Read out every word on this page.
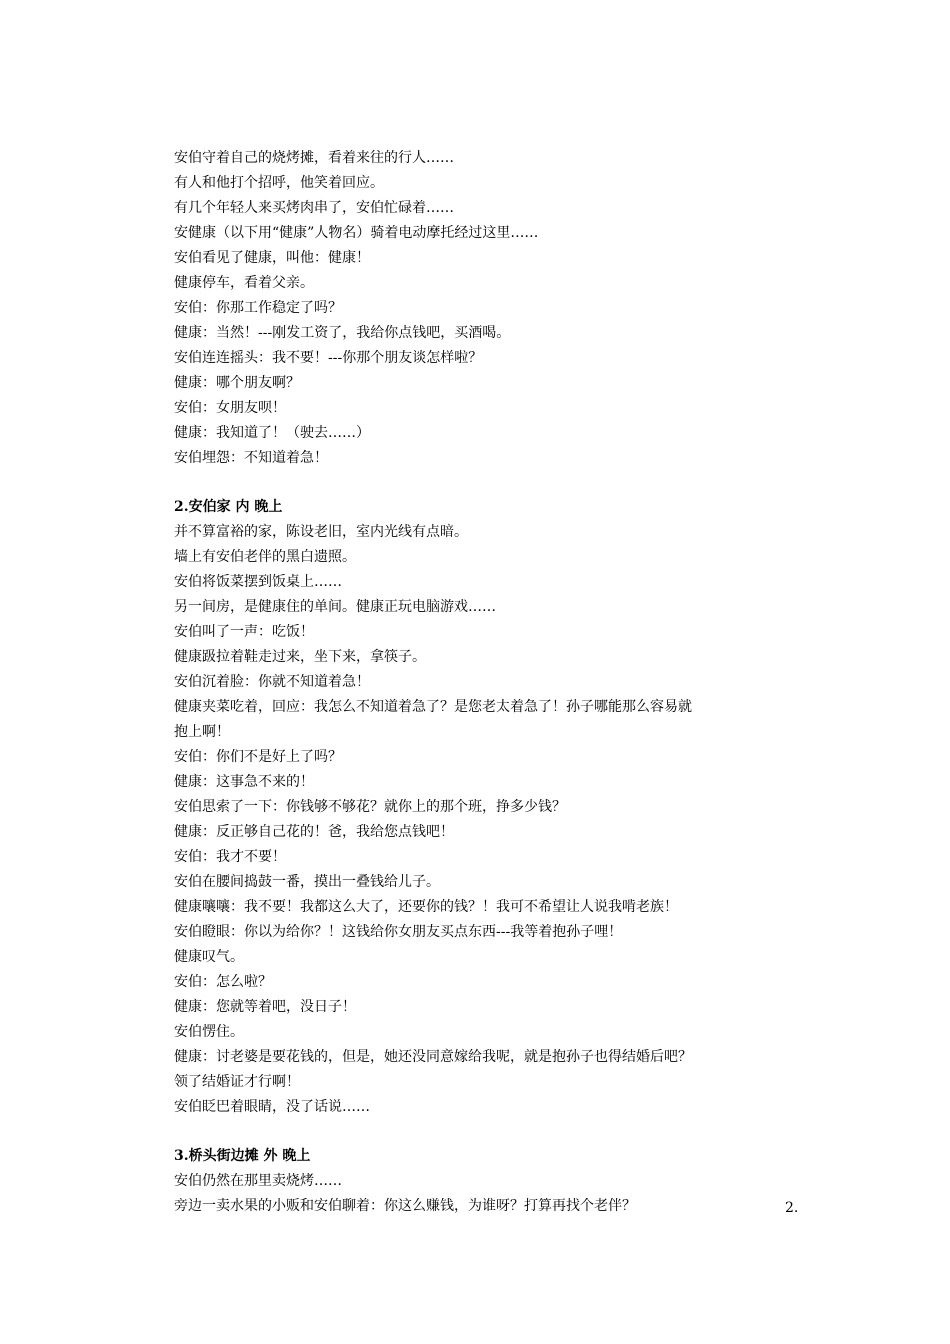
安伯守着自己的烧烤摊，看着来往的行人……
有人和他打个招呼，他笑着回应。
有几个年轻人来买烤肉串了，安伯忙碌着……
安健康（以下用“健康”人物名）骑着电动摩托经过这里……
安伯看见了健康，叫他：健康！
健康停车，看着父亲。
安伯：你那工作稳定了吗？
健康：当然！---刚发工资了，我给你点钱吧，买酒喝。
安伯连连摇头：我不要！---你那个朋友谈怎样啦？
健康：哪个朋友啊？
安伯：女朋友呗！
健康：我知道了！（驶去……）
安伯埋怨：不知道着急！
2.安伯家 内 晚上
并不算富裕的家，陈设老旧，室内光线有点暗。
墙上有安伯老伴的黑白遗照。
安伯将饭菜摆到饭桌上……
另一间房，是健康住的单间。健康正玩电脑游戏……
安伯叫了一声：吃饭！
健康趿拉着鞋走过来，坐下来，拿筷子。
安伯沉着脸：你就不知道着急！
健康夹菜吃着，回应：我怎么不知道着急了？是您老太着急了！孙子哪能那么容易就
抱上啊！
安伯：你们不是好上了吗？
健康：这事急不来的！
安伯思索了一下：你钱够不够花？就你上的那个班，挣多少钱？
健康：反正够自己花的！爸，我给您点钱吧！
安伯：我才不要！
安伯在腰间捣鼓一番，摸出一叠钱给儿子。
健康嚷嚷：我不要！我都这么大了，还要你的钱？！我可不希望让人说我啃老族！
安伯瞪眼：你以为给你？！这钱给你女朋友买点东西---我等着抱孙子哩！
健康叹气。
安伯：怎么啦？
健康：您就等着吧，没日子！
安伯愣住。
健康：讨老婆是要花钱的，但是，她还没同意嫁给我呢，就是抱孙子也得结婚后吧？
领了结婚证才行啊！
安伯眨巴着眼睛，没了话说……
3.桥头街边摊 外 晚上
安伯仍然在那里卖烧烤……
旁边一卖水果的小贩和安伯聊着：你这么赚钱，为谁呀？打算再找个老伴？	2.
